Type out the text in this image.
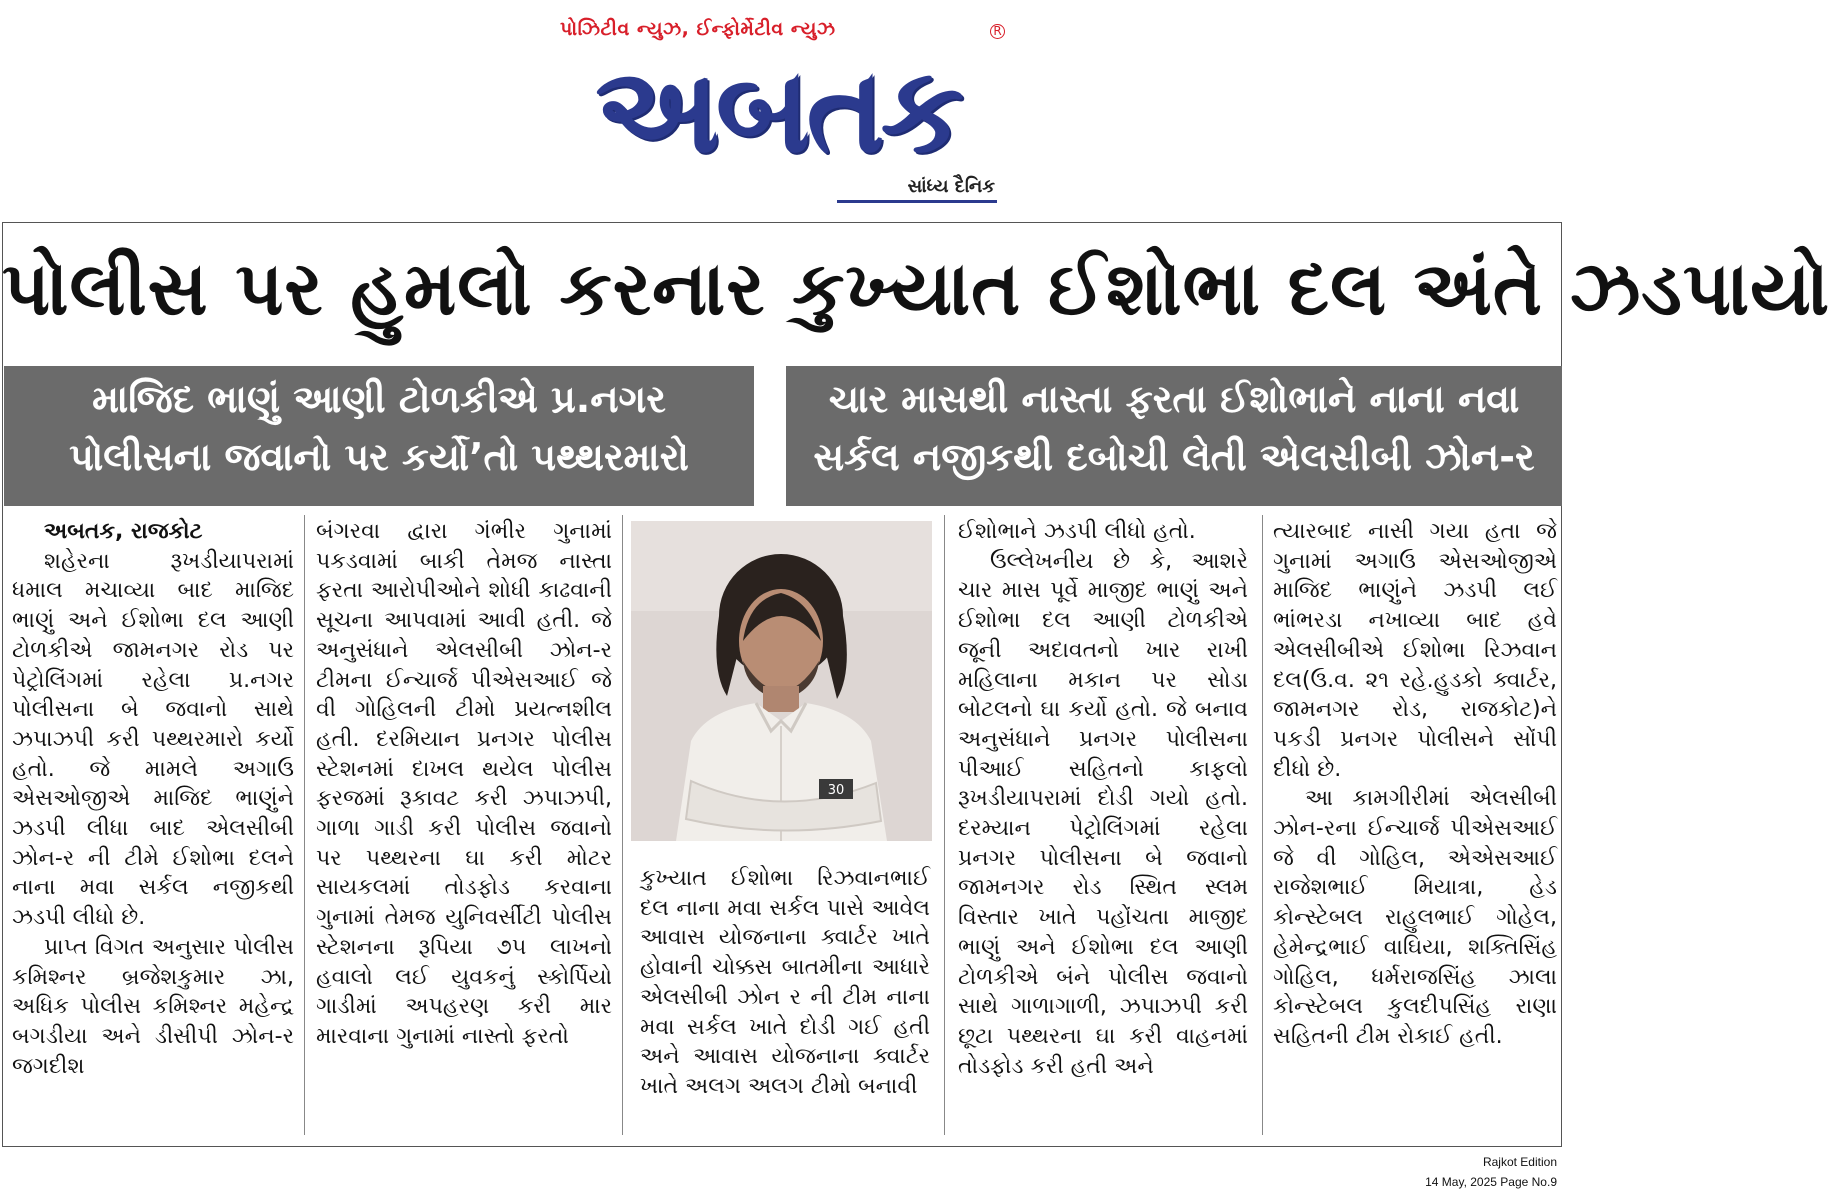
પોઝિટીવ ન્યુઝ, ઈન્ફોર્મેટીવ ન્યુઝ	R
અબતક
સાંધ્ય દૈનિક
પોલીસ પર હુમલો કરનાર કુખ્યાત ઈશોભા દલ અંતે ઝડપાયો
માજિદ ભાણું આણી ટોળકીએ પ્ર.નગર
પોલીસના જવાનો પર કર્યો’તો પથ્થરમારો
ચાર માસથી નાસ્તા ફરતા ઈશોભાને નાના નવા
સર્કલ નજીકથી દબોચી લેતી એલસીબી ઝોન-ર

અબતક, રાજકોટ

શહેરના રૂખડીયાપરામાં ધમાલ મચાવ્યા બાદ માજિદ ભાણું અને ઈશોભા દલ આણી ટોળકીએ જામનગર રોડ પર પેટ્રોલિંગમાં રહેલા પ્ર.નગર પોલીસના બે જવાનો સાથે ઝપાઝપી કરી પથ્થરમારો કર્યો હતો. જે મામલે અગાઉ એસઓજીએ માજિદ ભાણુંને ઝડપી લીધા બાદ એલસીબી ઝોન-ર ની ટીમે ઈશોભા દલને નાના મવા સર્કલ નજીકથી ઝડપી લીધો છે.

પ્રાપ્ત વિગત અનુસાર પોલીસ કમિશ્નર બ્રજેશકુમાર ઝા, અધિક પોલીસ કમિશ્નર મહેન્દ્ર બગડીયા અને ડીસીપી ઝોન-ર જગદીશ

બંગરવા દ્વારા ગંભીર ગુનામાં પકડવામાં બાકી તેમજ નાસ્તા ફરતા આરોપીઓને શોધી કાઢવાની સૂચના આપવામાં આવી હતી. જે અનુસંધાને એલસીબી ઝોન-ર ટીમના ઈન્ચાર્જ પીએસઆઈ જે વી ગોહિલની ટીમો પ્રયત્નશીલ હતી. દરમિયાન પ્રનગર પોલીસ સ્ટેશનમાં દાખલ થયેલ પોલીસ ફરજમાં રૂકાવટ કરી ઝપાઝપી, ગાળા ગાડી કરી પોલીસ જવાનો પર પથ્થરના ઘા કરી મોટર સાયકલમાં તોડફોડ કરવાના ગુનામાં તેમજ યુનિવર્સીટી પોલીસ સ્ટેશનના રૂપિયા ૭૫ લાખનો હવાલો લઈ યુવકનું સ્કોર્પિયો ગાડીમાં અપહરણ કરી માર મારવાના ગુનામાં નાસ્તો ફરતો

30

કુખ્યાત ઈશોભા રિઝવાનભાઈ દલ નાના મવા સર્કલ પાસે આવેલ આવાસ યોજનાના ક્વાર્ટર ખાતે હોવાની ચોક્કસ બાતમીના આધારે એલસીબી ઝોન ર ની ટીમ નાના મવા સર્કલ ખાતે દોડી ગઈ હતી અને આવાસ યોજનાના ક્વાર્ટર ખાતે અલગ અલગ ટીમો બનાવી

ઈશોભાને ઝડપી લીધો હતો.

ઉલ્લેખનીય છે કે, આશરે ચાર માસ પૂર્વે માજીદ ભાણું અને ઈશોભા દલ આણી ટોળકીએ જૂની અદાવતનો ખાર રાખી મહિલાના મકાન પર સોડા બોટલનો ઘા કર્યો હતો. જે બનાવ અનુસંધાને પ્રનગર પોલીસના પીઆઈ સહિતનો કાફલો રૂખડીયાપરામાં દોડી ગયો હતો. દરમ્યાન પેટ્રોલિંગમાં રહેલા પ્રનગર પોલીસના બે જવાનો જામનગર રોડ સ્થિત સ્લમ વિસ્તાર ખાતે પહોંચતા માજીદ ભાણું અને ઈશોભા દલ આણી ટોળકીએ બંને પોલીસ જવાનો સાથે ગાળાગાળી, ઝપાઝપી કરી છૂટા પથ્થરના ઘા કરી વાહનમાં તોડફોડ કરી હતી અને

ત્યારબાદ નાસી ગયા હતા જે ગુનામાં અગાઉ એસઓજીએ માજિદ ભાણુંને ઝડપી લઈ ભાંભરડા નખાવ્યા બાદ હવે એલસીબીએ ઈશોભા રિઝવાન દલ(ઉ.વ. ૨૧ રહે.હુડકો ક્વાર્ટર, જામનગર રોડ, રાજકોટ)ને પકડી પ્રનગર પોલીસને સોંપી દીધો છે.

આ કામગીરીમાં એલસીબી ઝોન-રના ઈન્ચાર્જ પીએસઆઈ જે વી ગોહિલ, એએસઆઈ રાજેશભાઈ મિયાત્રા, હેડ કોન્સ્ટેબલ રાહુલભાઈ ગોહેલ, હેમેન્દ્રભાઈ વાઘિયા, શક્તિસિંહ ગોહિલ, ધર્મરાજસિંહ ઝાલા કોન્સ્ટેબલ કુલદીપસિંહ રાણા સહિતની ટીમ રોકાઈ હતી.

Rajkot Edition
14 May, 2025 Page No.9
